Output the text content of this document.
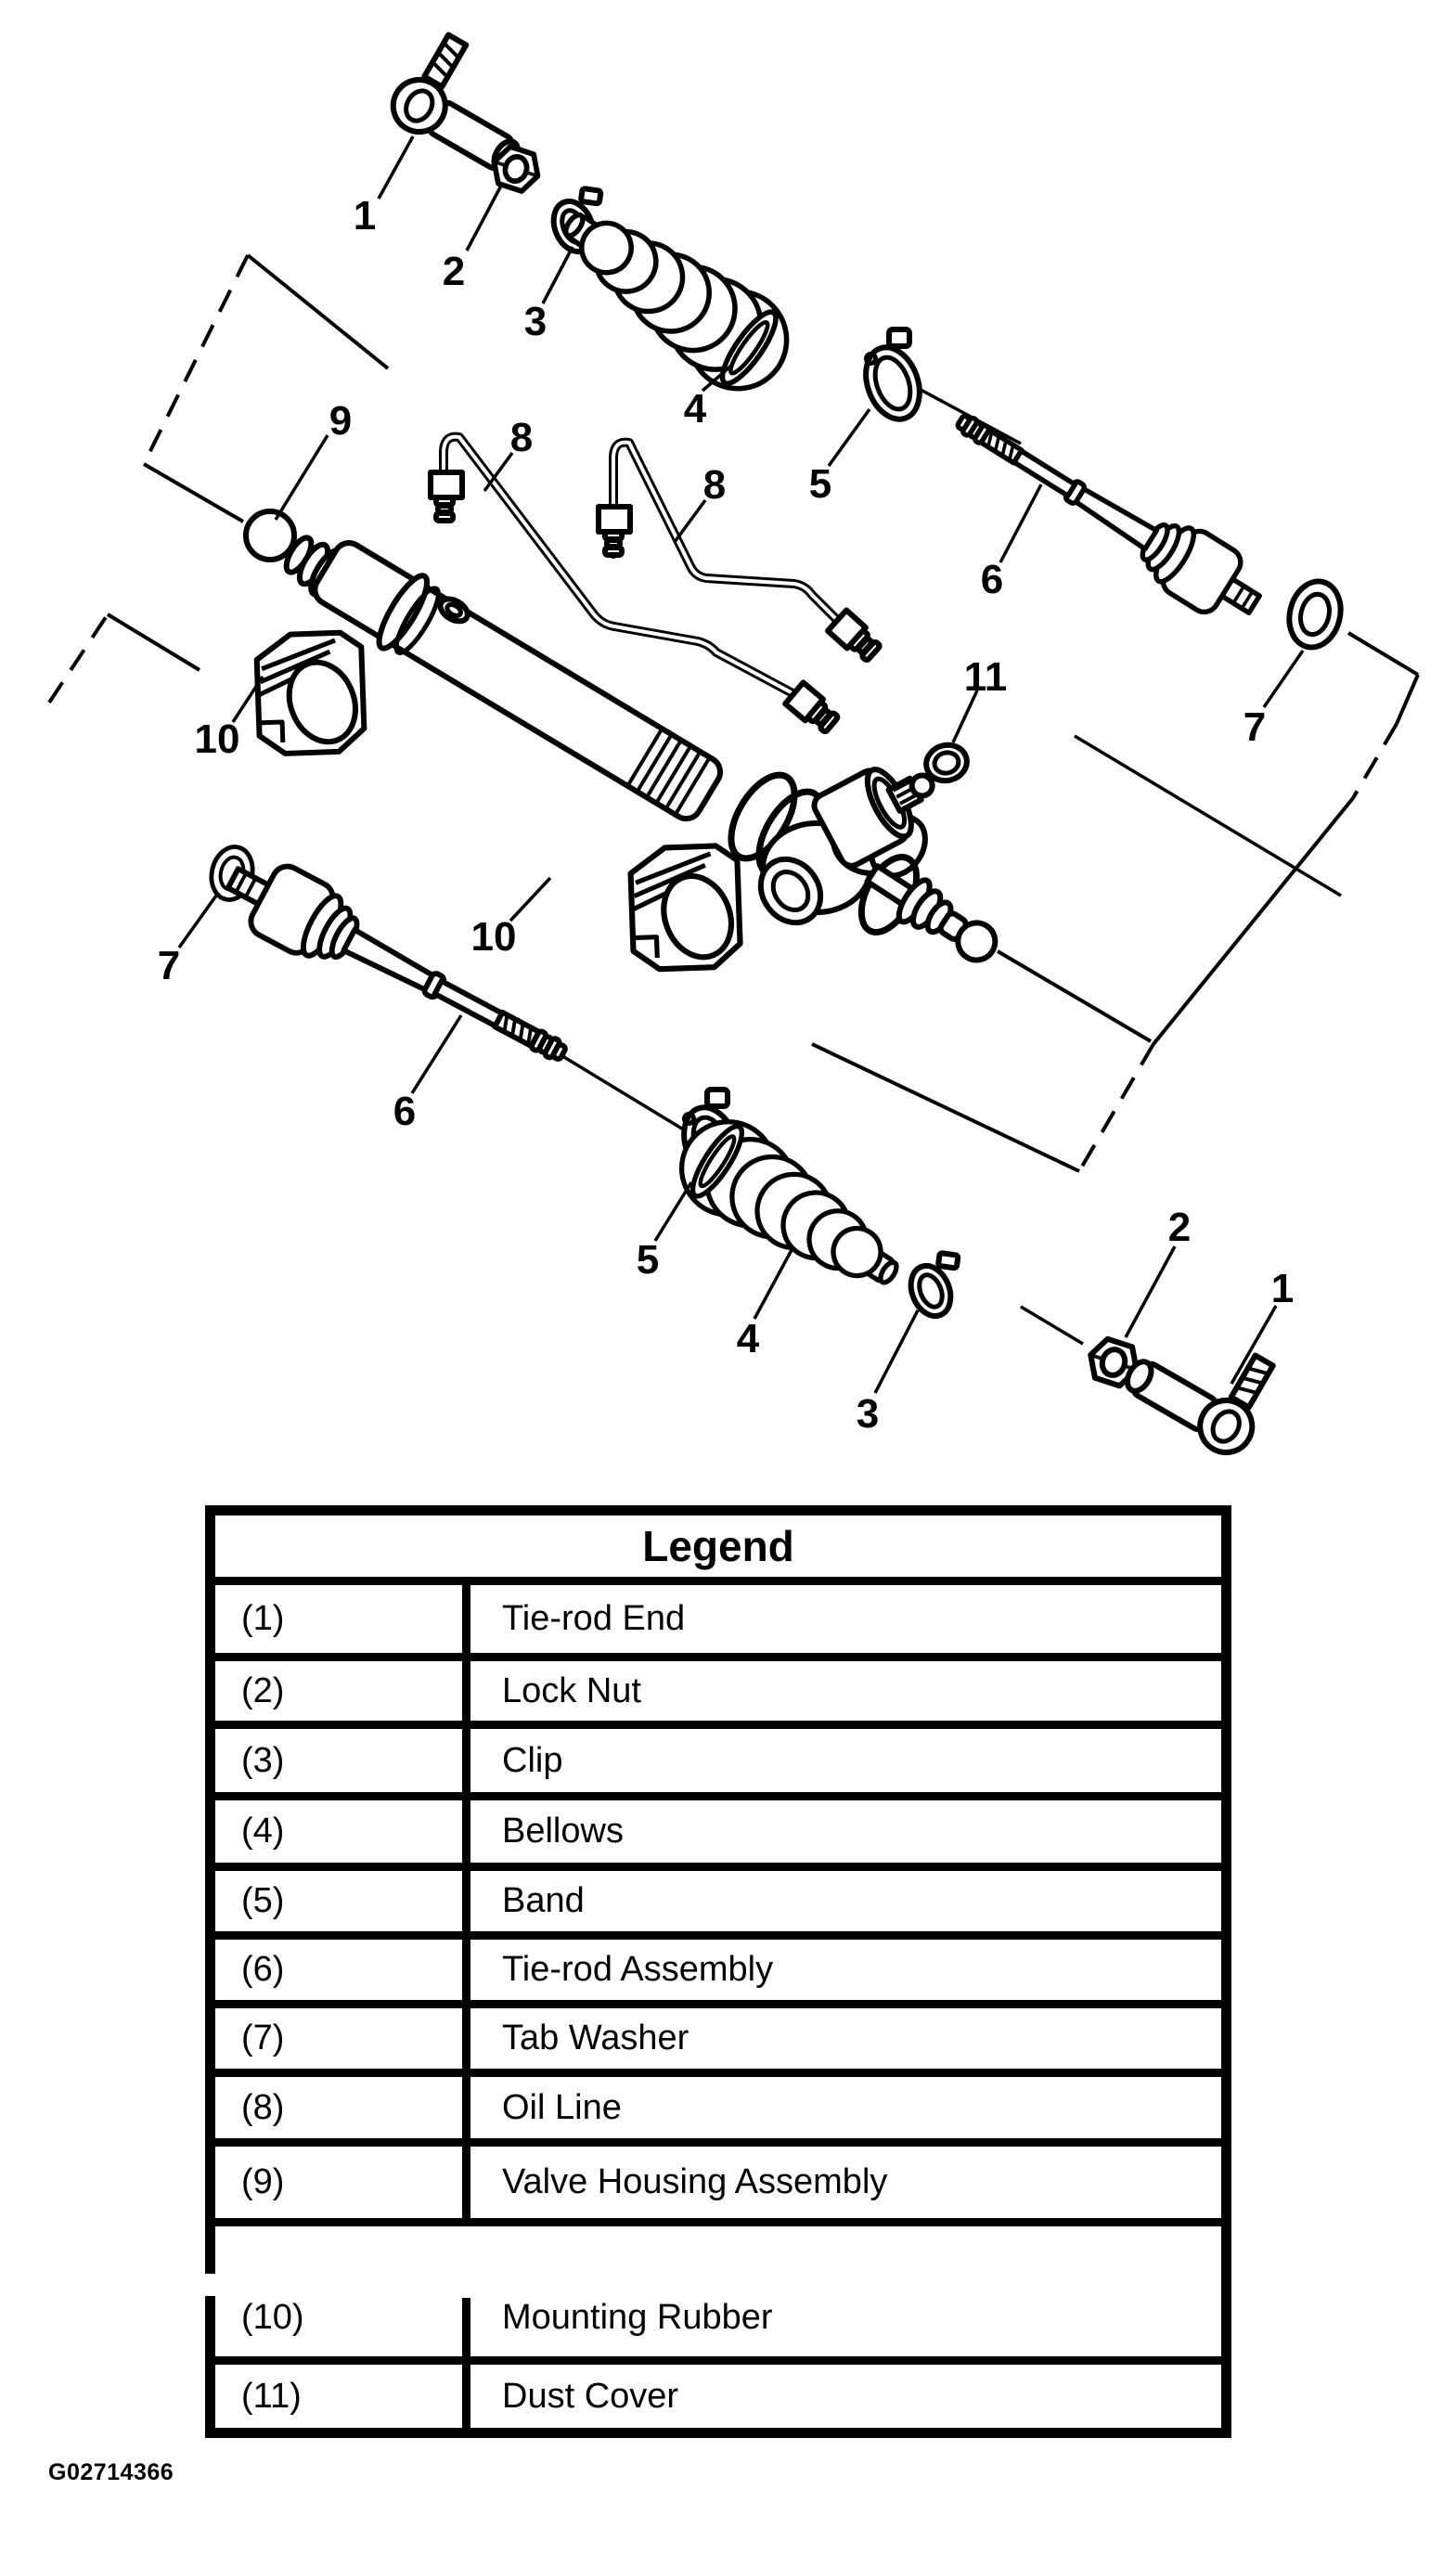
1
2
3
4
5
8
8
9
6
11
7
10
10
7
6
5
4
3
2
1
Legend
(1)	Tie-rod End
(2)	Lock Nut
(3)	Clip
(4)	Bellows
(5)	Band
(6)	Tie-rod Assembly
(7)	Tab Washer
(8)	Oil Line
(9)	Valve Housing Assembly
(10)	Mounting Rubber
(11)	Dust Cover
G02714366
